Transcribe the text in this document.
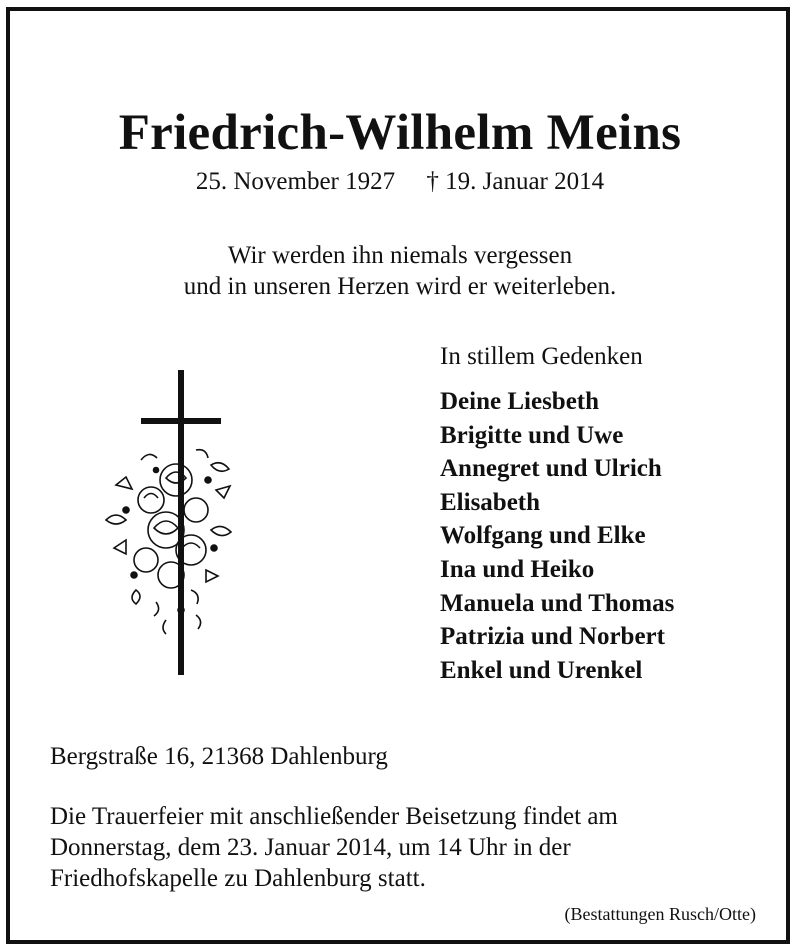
Friedrich-Wilhelm Meins
25. November 1927     † 19. Januar 2014
Wir werden ihn niemals vergessen
und in unseren Herzen wird er weiterleben.
In stillem Gedenken
Deine Liesbeth
Brigitte und Uwe
Annegret und Ulrich
Elisabeth
Wolfgang und Elke
Ina und Heiko
Manuela und Thomas
Patrizia und Norbert
Enkel und Urenkel
Bergstraße 16, 21368 Dahlenburg
Die Trauerfeier mit anschließender Beisetzung findet am
Donnerstag, dem 23. Januar 2014, um 14 Uhr in der
Friedhofskapelle zu Dahlenburg statt.
(Bestattungen Rusch/Otte)
